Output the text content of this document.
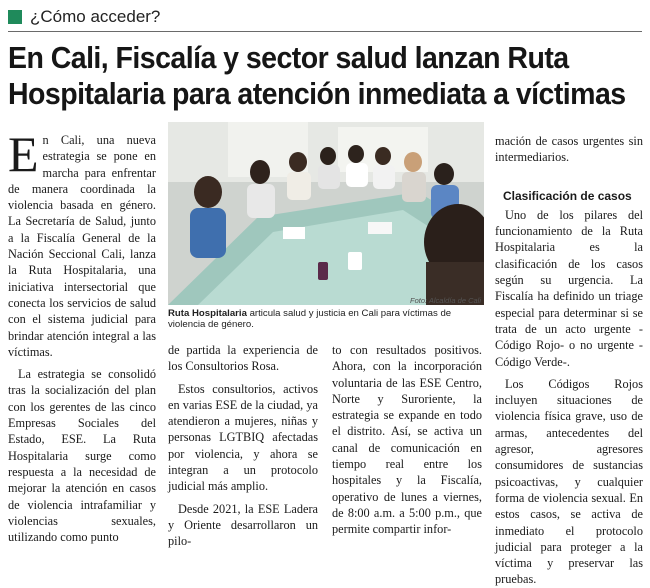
¿Cómo acceder?
En Cali, Fiscalía y sector salud lanzan Ruta
Hospitalaria para atención inmediata a víctimas

En Cali, una nueva estrategia se pone en marcha para enfrentar de manera coordinada la violencia basada en género. La Secretaría de Salud, junto a la Fiscalía General de la Nación Seccional Cali, lanza la Ruta Hospitalaria, una iniciativa intersectorial que conecta los servicios de salud con el sistema judicial para brindar atención integral a las víctimas.

La estrategia se consolidó tras la socialización del plan con los gerentes de las cinco Empresas Sociales del Estado, ESE. La Ruta Hospitalaria surge como respuesta a la necesidad de mejorar la atención en casos de violencia intrafamiliar y violencias sexuales, utilizando como punto

Foto: Alcaldía de Cali
Ruta Hospitalaria articula salud y justicia en Cali para víctimas de violencia de género.

de partida la experiencia de los Consultorios Rosa.

Estos consultorios, activos en varias ESE de la ciudad, ya atendieron a mujeres, niñas y personas LGTBIQ afectadas por violencia, y ahora se integran a un protocolo judicial más amplio.

Desde 2021, la ESE Ladera y Oriente desarrollaron un pilo-

to con resultados positivos. Ahora, con la incorporación voluntaria de las ESE Centro, Norte y Suroriente, la estrategia se expande en todo el distrito. Así, se activa un canal de comunicación en tiempo real entre los hospitales y la Fiscalía, operativo de lunes a viernes, de 8:00 a.m. a 5:00 p.m., que permite compartir infor-

mación de casos urgentes sin intermediarios.

Clasificación de casos

Uno de los pilares del funcionamiento de la Ruta Hospitalaria es la clasificación de los casos según su urgencia. La Fiscalía ha definido un triage especial para determinar si se trata de un acto urgente -Código Rojo- o no urgente -Código Verde-.

Los Códigos Rojos incluyen situaciones de violencia física grave, uso de armas, antecedentes del agresor, agresores consumidores de sustancias psicoactivas, y cualquier forma de violencia sexual. En estos casos, se activa de inmediato el protocolo judicial para proteger a la víctima y preservar las pruebas.
